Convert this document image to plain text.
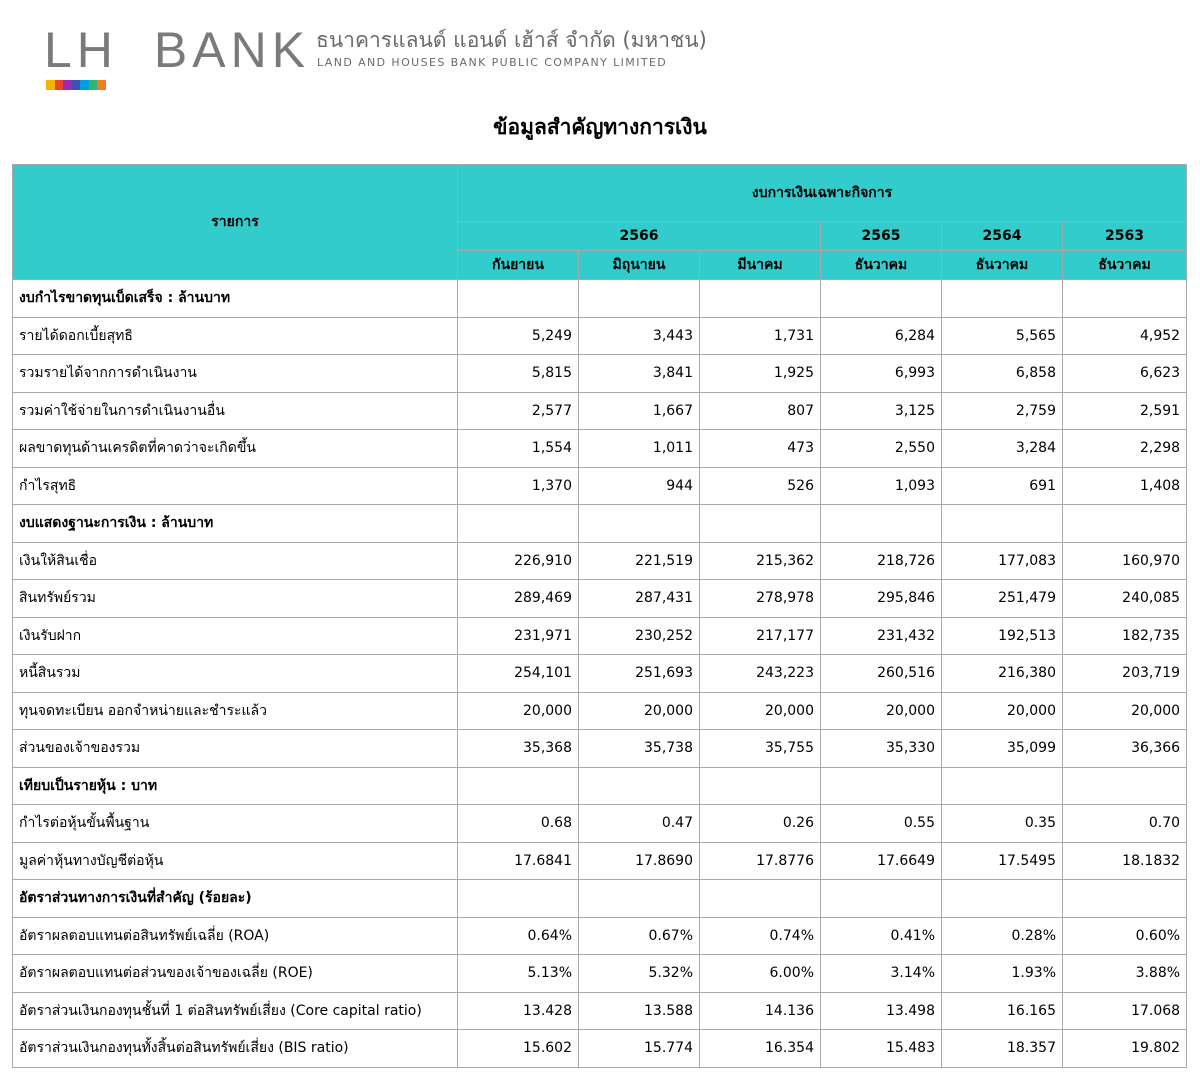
LH BANK ธนาคารแลนด์ แอนด์ เฮ้าส์ จำกัด (มหาชน)
LAND AND HOUSES BANK PUBLIC COMPANY LIMITED
ข้อมูลสำคัญทางการเงิน
รายการ	งบการเงินเฉพาะกิจการ					
	2566			2565	2564	2563
	กันยายน	มิถุนายน	มีนาคม	ธันวาคม	ธันวาคม	ธันวาคม
งบกำไรขาดทุนเบ็ดเสร็จ : ล้านบาท						
รายได้ดอกเบี้ยสุทธิ	5,249	3,443	1,731	6,284	5,565	4,952
รวมรายได้จากการดำเนินงาน	5,815	3,841	1,925	6,993	6,858	6,623
รวมค่าใช้จ่ายในการดำเนินงานอื่น	2,577	1,667	807	3,125	2,759	2,591
ผลขาดทุนด้านเครดิตที่คาดว่าจะเกิดขึ้น	1,554	1,011	473	2,550	3,284	2,298
กำไรสุทธิ	1,370	944	526	1,093	691	1,408
งบแสดงฐานะการเงิน : ล้านบาท						
เงินให้สินเชื่อ	226,910	221,519	215,362	218,726	177,083	160,970
สินทรัพย์รวม	289,469	287,431	278,978	295,846	251,479	240,085
เงินรับฝาก	231,971	230,252	217,177	231,432	192,513	182,735
หนี้สินรวม	254,101	251,693	243,223	260,516	216,380	203,719
ทุนจดทะเบียน ออกจำหน่ายและชำระแล้ว	20,000	20,000	20,000	20,000	20,000	20,000
ส่วนของเจ้าของรวม	35,368	35,738	35,755	35,330	35,099	36,366
เทียบเป็นรายหุ้น : บาท						
กำไรต่อหุ้นขั้นพื้นฐาน	0.68	0.47	0.26	0.55	0.35	0.70
มูลค่าหุ้นทางบัญชีต่อหุ้น	17.6841	17.8690	17.8776	17.6649	17.5495	18.1832
อัตราส่วนทางการเงินที่สำคัญ (ร้อยละ)						
อัตราผลตอบแทนต่อสินทรัพย์เฉลี่ย (ROA)	0.64%	0.67%	0.74%	0.41%	0.28%	0.60%
อัตราผลตอบแทนต่อส่วนของเจ้าของเฉลี่ย (ROE)	5.13%	5.32%	6.00%	3.14%	1.93%	3.88%
อัตราส่วนเงินกองทุนชั้นที่ 1 ต่อสินทรัพย์เสี่ยง (Core capital ratio)	13.428	13.588	14.136	13.498	16.165	17.068
อัตราส่วนเงินกองทุนทั้งสิ้นต่อสินทรัพย์เสี่ยง (BIS ratio)	15.602	15.774	16.354	15.483	18.357	19.802
